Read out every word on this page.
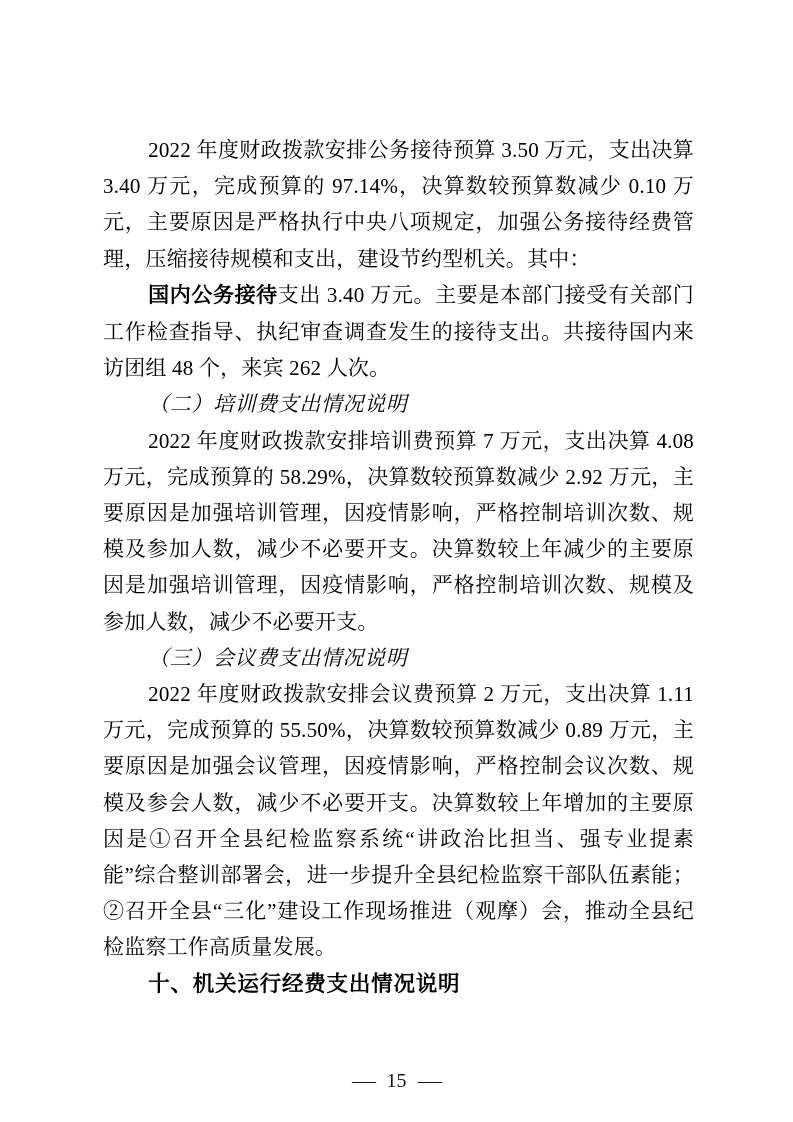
2022 年度财政拨款安排公务接待预算 3.50 万元，支出决算 3.40 万元，完成预算的 97.14%，决算数较预算数减少 0.10 万元，主要原因是严格执行中央八项规定，加强公务接待经费管理，压缩接待规模和支出，建设节约型机关。其中：

国内公务接待支出 3.40 万元。主要是本部门接受有关部门工作检查指导、执纪审查调查发生的接待支出。共接待国内来访团组 48 个，来宾 262 人次。

（二）培训费支出情况说明

2022 年度财政拨款安排培训费预算 7 万元，支出决算 4.08 万元，完成预算的 58.29%，决算数较预算数减少 2.92 万元，主要原因是加强培训管理，因疫情影响，严格控制培训次数、规模及参加人数，减少不必要开支。决算数较上年减少的主要原因是加强培训管理，因疫情影响，严格控制培训次数、规模及参加人数，减少不必要开支。

（三）会议费支出情况说明

2022 年度财政拨款安排会议费预算 2 万元，支出决算 1.11 万元，完成预算的 55.50%，决算数较预算数减少 0.89 万元，主要原因是加强会议管理，因疫情影响，严格控制会议次数、规模及参会人数，减少不必要开支。决算数较上年增加的主要原因是①召开全县纪检监察系统“讲政治比担当、强专业提素能”综合整训部署会，进一步提升全县纪检监察干部队伍素能；②召开全县“三化”建设工作现场推进（观摩）会，推动全县纪检监察工作高质量发展。

十、机关运行经费支出情况说明

— 15 —
